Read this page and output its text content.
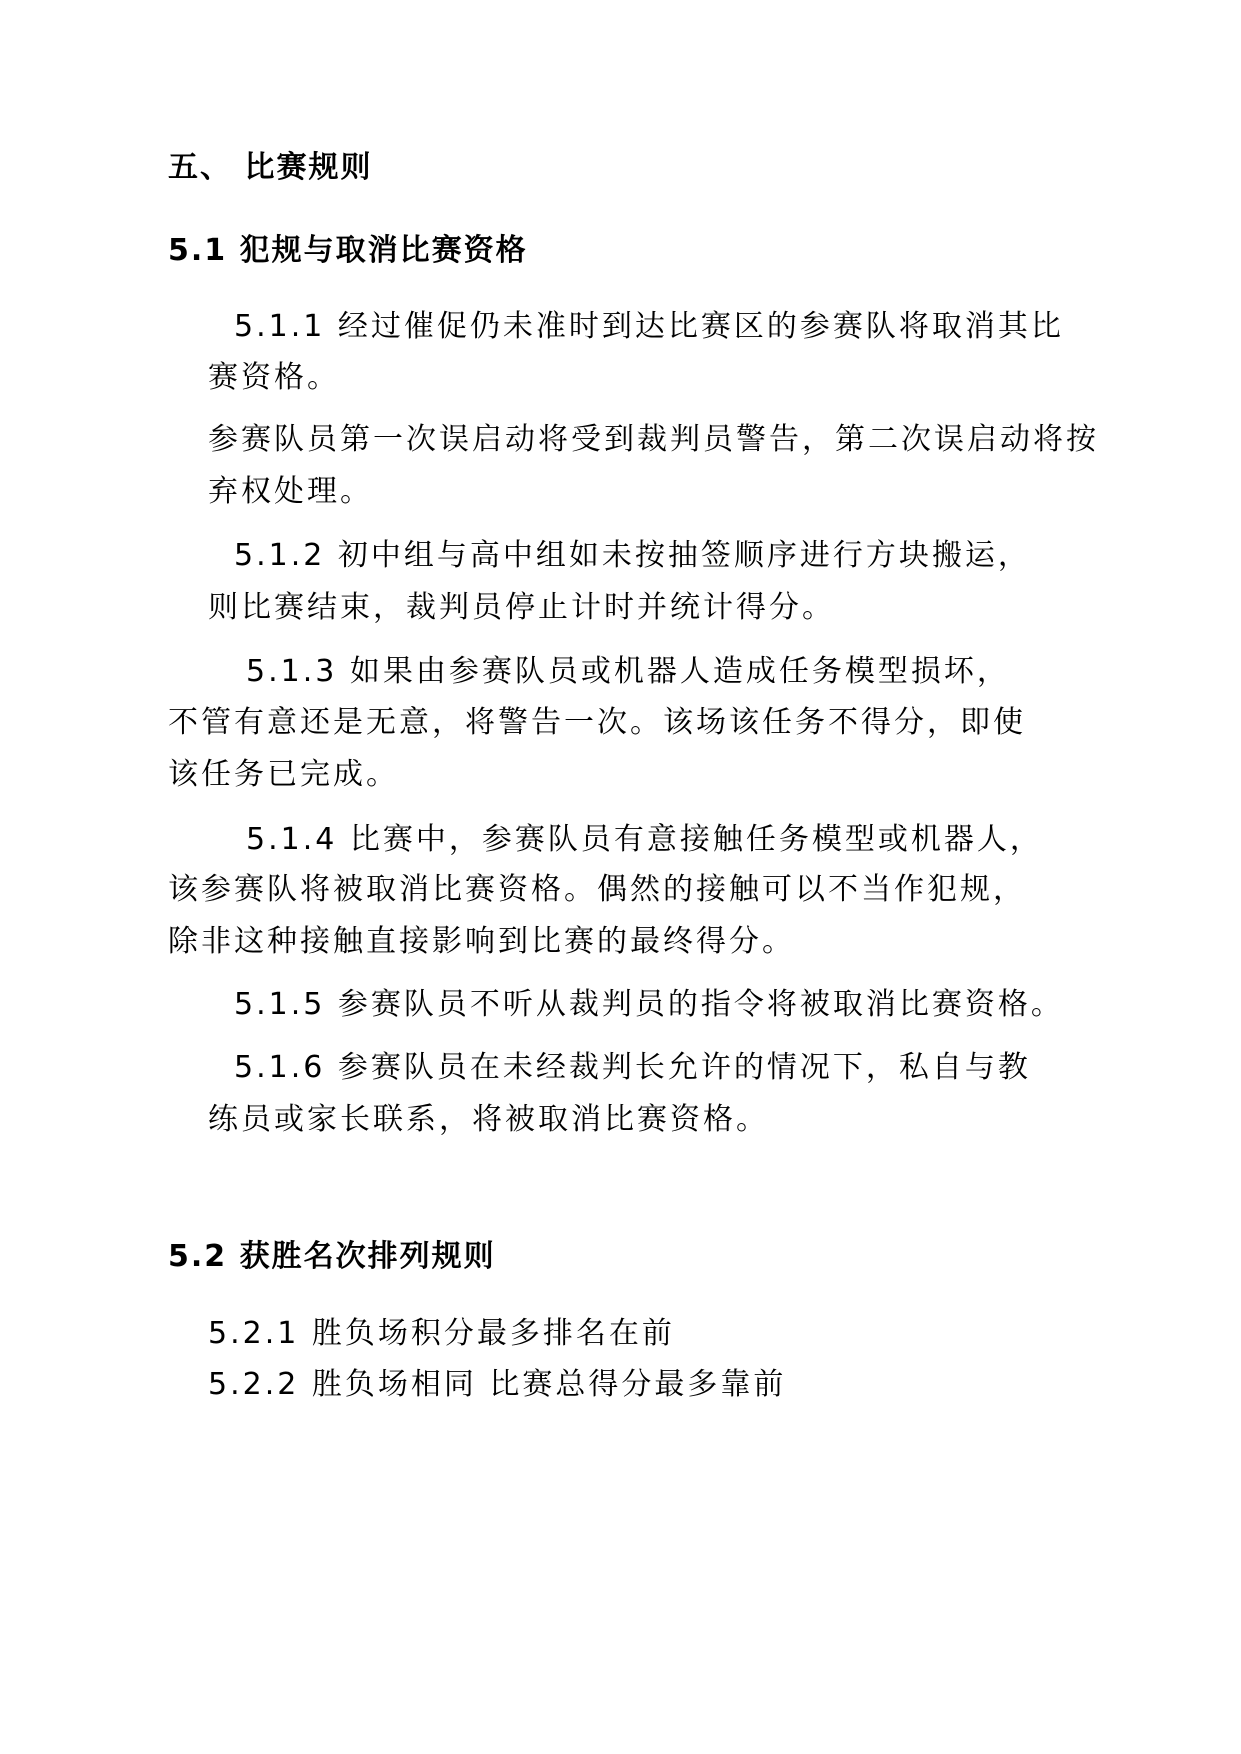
五、 比赛规则
5.1 犯规与取消比赛资格
5.1.1 经过催促仍未准时到达比赛区的参赛队将取消其比
赛资格。
参赛队员第一次误启动将受到裁判员警告，第二次误启动将按
弃权处理。
5.1.2 初中组与高中组如未按抽签顺序进行方块搬运，
则比赛结束，裁判员停止计时并统计得分。
5.1.3 如果由参赛队员或机器人造成任务模型损坏，
不管有意还是无意，将警告一次。该场该任务不得分，即使
该任务已完成。
5.1.4 比赛中，参赛队员有意接触任务模型或机器人，
该参赛队将被取消比赛资格。偶然的接触可以不当作犯规，
除非这种接触直接影响到比赛的最终得分。
5.1.5 参赛队员不听从裁判员的指令将被取消比赛资格。
5.1.6 参赛队员在未经裁判长允许的情况下，私自与教
练员或家长联系，将被取消比赛资格。
5.2 获胜名次排列规则
5.2.1 胜负场积分最多排名在前
5.2.2 胜负场相同 比赛总得分最多靠前
